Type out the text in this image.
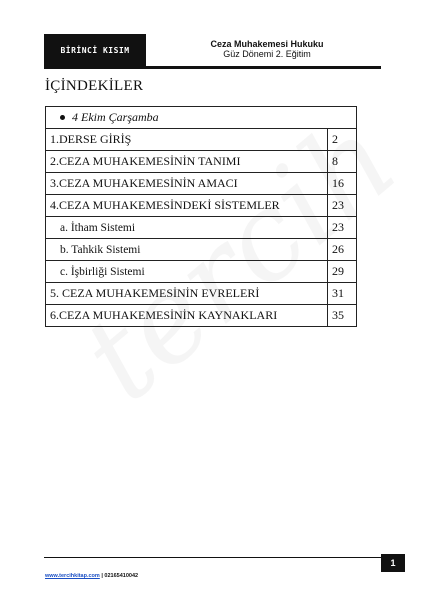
BİRİNCİ KISIM
Ceza Muhakemesi Hukuku
Güz Dönemi 2. Eğitim
İÇİNDEKİLER
4 Ekim Çarşamba	
1.DERSE GİRİŞ	2
2.CEZA MUHAKEMESİNİN TANIMI	8
3.CEZA MUHAKEMESİNİN AMACI	16
4.CEZA MUHAKEMESİNDEKİ SİSTEMLER	23
a. İtham Sistemi	23
b. Tahkik Sistemi	26
c. İşbirliği Sistemi	29
5. CEZA MUHAKEMESİNİN EVRELERİ	31
6.CEZA MUHAKEMESİNİN KAYNAKLARI	35
1
www.tercihkitap.com | 02165410042
